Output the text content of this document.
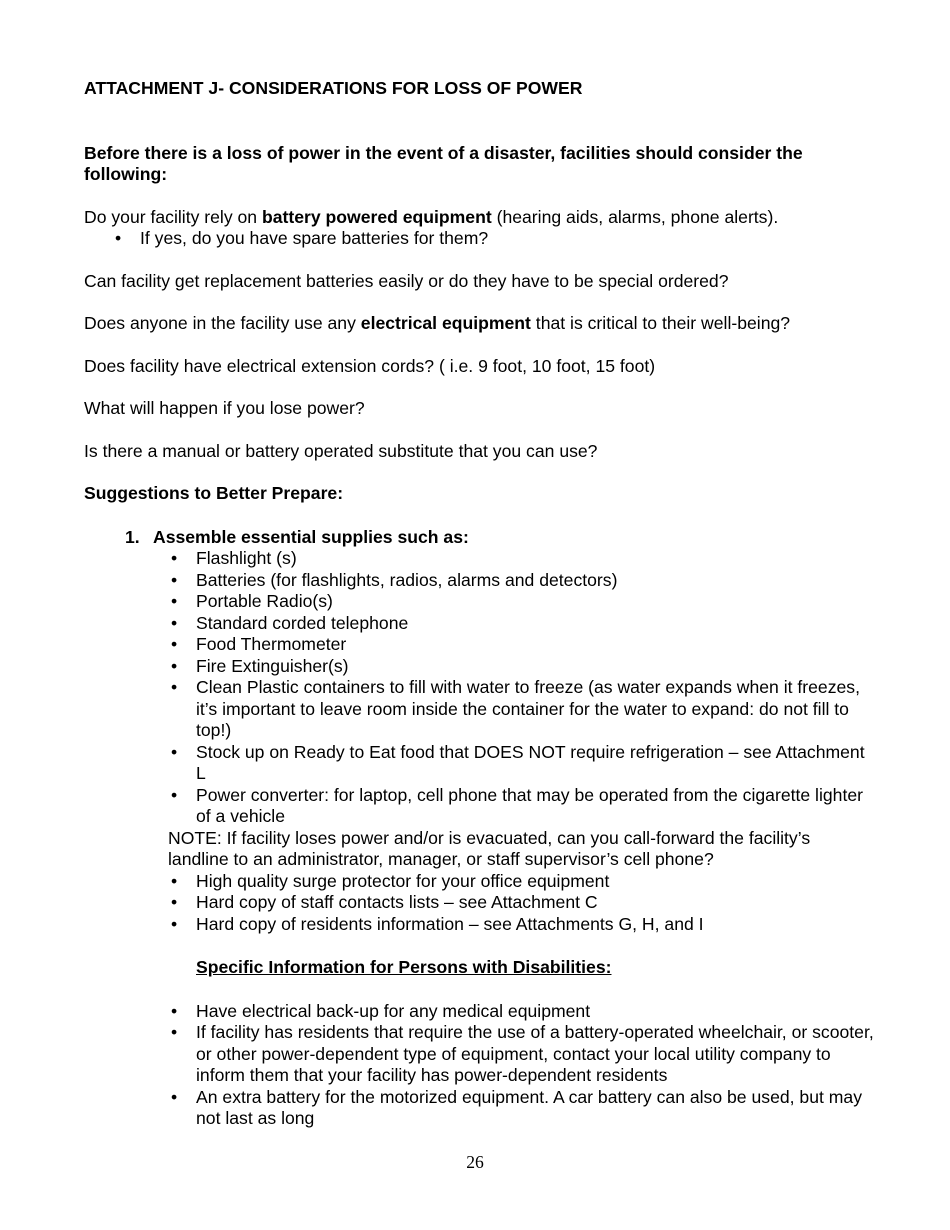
ATTACHMENT J- CONSIDERATIONS FOR LOSS OF POWER

Before there is a loss of power in the event of a disaster, facilities should consider the following:

Do your facility rely on battery powered equipment (hearing aids, alarms, phone alerts).
• If yes, do you have spare batteries for them?

Can facility get replacement batteries easily or do they have to be special ordered?

Does anyone in the facility use any electrical equipment that is critical to their well-being?

Does facility have electrical extension cords? ( i.e. 9 foot, 10 foot, 15 foot)

What will happen if you lose power?

Is there a manual or battery operated substitute that you can use?

Suggestions to Better Prepare:

1. Assemble essential supplies such as:
• Flashlight (s)
• Batteries (for flashlights, radios, alarms and detectors)
• Portable Radio(s)
• Standard corded telephone
• Food Thermometer
• Fire Extinguisher(s)
• Clean Plastic containers to fill with water to freeze (as water expands when it freezes, it’s important to leave room inside the container for the water to expand: do not fill to top!)
• Stock up on Ready to Eat food that DOES NOT require refrigeration – see Attachment L
• Power converter: for laptop, cell phone that may be operated from the cigarette lighter of a vehicle

NOTE: If facility loses power and/or is evacuated, can you call-forward the facility’s landline to an administrator, manager, or staff supervisor’s cell phone?

• High quality surge protector for your office equipment
• Hard copy of staff contacts lists – see Attachment C
• Hard copy of residents information – see Attachments G, H, and I

Specific Information for Persons with Disabilities:

• Have electrical back-up for any medical equipment
• If facility has residents that require the use of a battery-operated wheelchair, or scooter, or other power-dependent type of equipment, contact your local utility company to inform them that your facility has power-dependent residents
• An extra battery for the motorized equipment. A car battery can also be used, but may not last as long
26
